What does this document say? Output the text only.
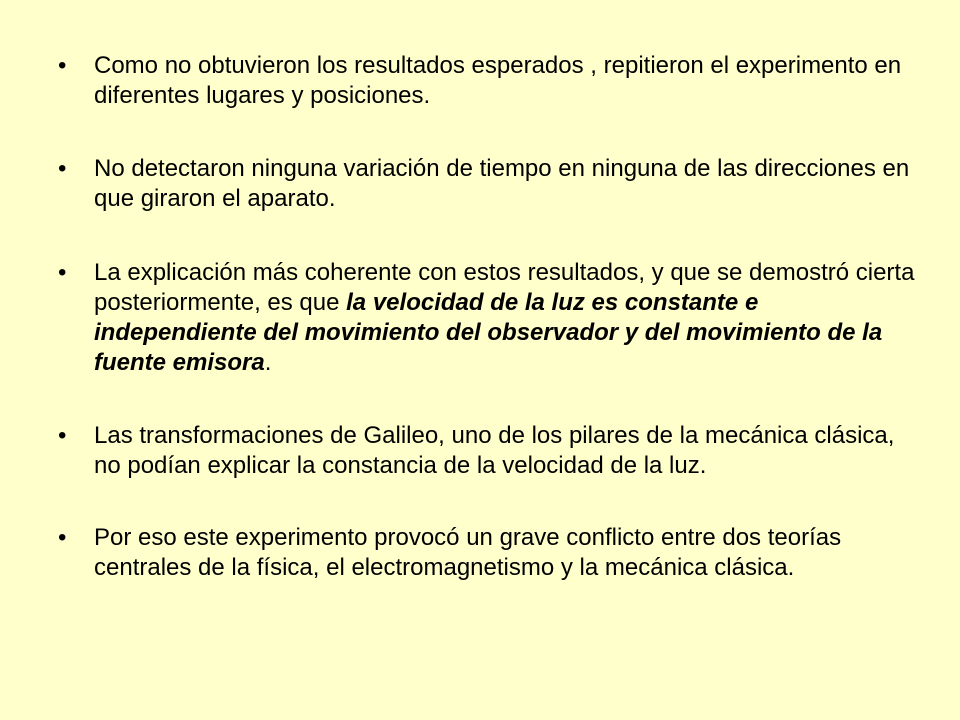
•	Como no obtuvieron los resultados esperados , repitieron el experimento en diferentes lugares y posiciones.
•	No detectaron ninguna variación de tiempo en ninguna de las direcciones en que giraron el aparato.
•	La explicación más coherente con estos resultados, y que se demostró cierta posteriormente, es que la velocidad de la luz es constante e independiente del movimiento del observador y del movimiento de la fuente emisora.
•	Las transformaciones de Galileo, uno de los pilares de la mecánica clásica, no podían explicar la constancia de la velocidad de la luz.
•	Por eso este experimento provocó un grave conflicto entre dos teorías centrales de la física, el electromagnetismo y la mecánica clásica.
